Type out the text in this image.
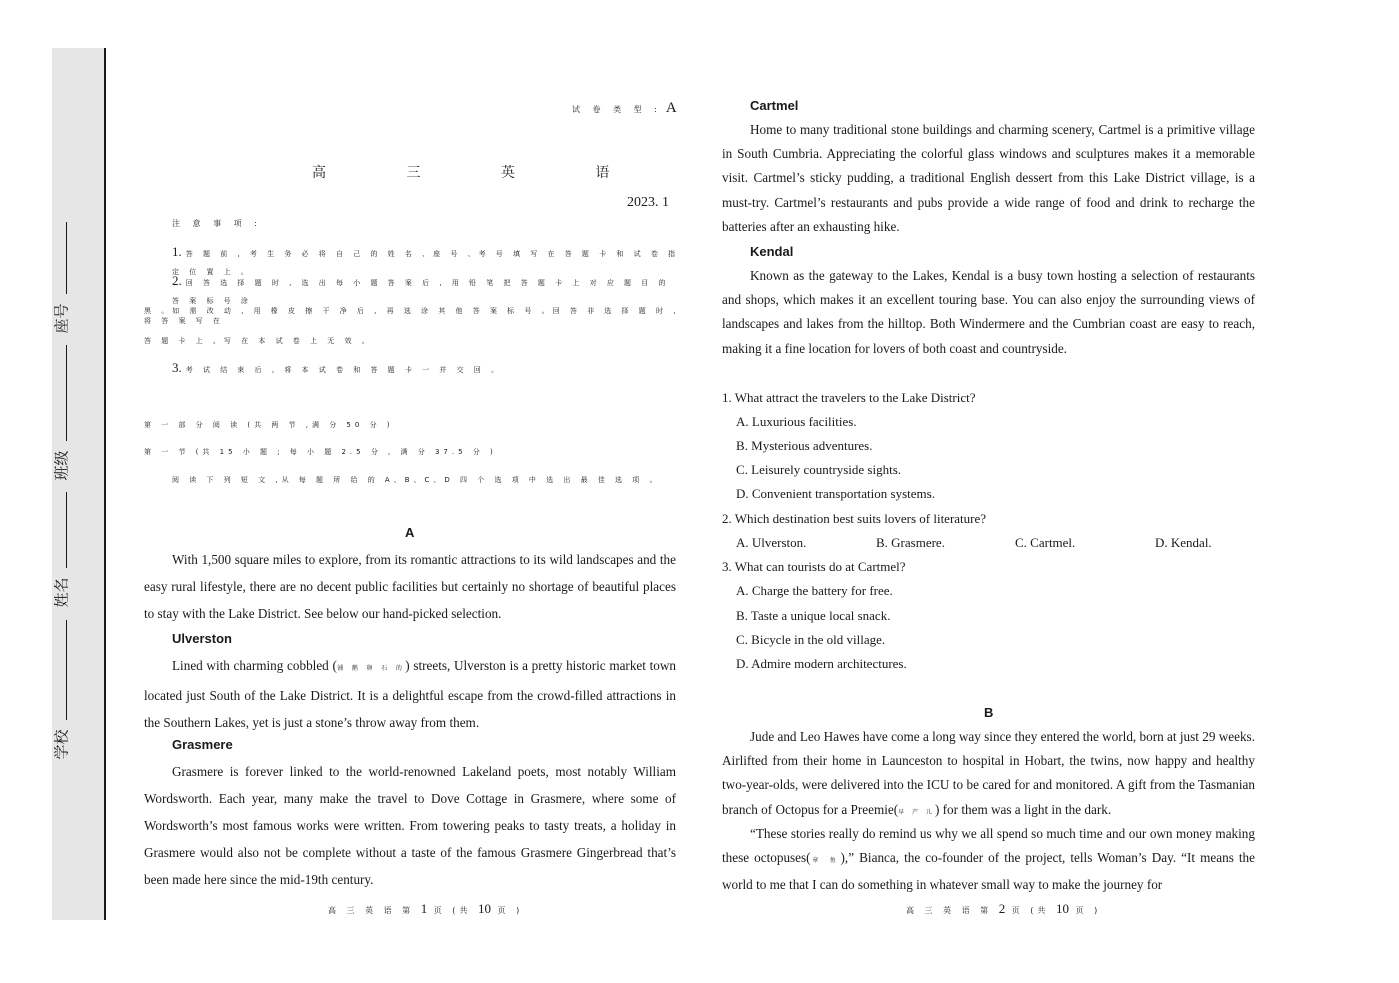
座号
班级
姓名
学校
试 卷 类 型 : A
高 三 英 语
2023. 1
注 意 事 项 :
1. 答 题 前 , 考 生 务 必 将 自 己 的 姓 名 、座 号 、考 号 填 写 在 答 题 卡 和 试 卷 指 定 位 置 上 。
2. 回 答 选 择 题 时 , 选 出 每 小 题 答 案 后 , 用 铅 笔 把 答 题 卡 上 对 应 题 目 的 答 案 标 号 涂
黑 。如 需 改 动 , 用 橡 皮 擦 干 净 后 , 再 选 涂 其 他 答 案 标 号 。回 答 非 选 择 题 时 , 将 答 案 写 在
答 题 卡 上 。写 在 本 试 卷 上 无 效 。
3. 考 试 结 束 后 , 将 本 试 卷 和 答 题 卡 一 并 交 回 。
第 一 部 分 阅 读 (共 两 节 ,满 分 50 分 )
第 一 节 (共 15 小 题 ; 每 小 题 2.5 分 , 满 分 37.5 分 )
阅 读 下 列 短 文 ,从 每 题 所 给 的 A、B、C、D 四 个 选 项 中 选 出 最 佳 选 项 。
A
With 1,500 square miles to explore, from its romantic attractions to its wild landscapes and the easy rural lifestyle, there are no decent public facilities but certainly no shortage of beautiful places to stay with the Lake District. See below our hand-picked selection.
Ulverston
Lined with charming cobbled (铺 鹅 卵 石 的) streets, Ulverston is a pretty historic market town located just South of the Lake District. It is a delightful escape from the crowd-filled attractions in the Southern Lakes, yet is just a stone’s throw away from them.
Grasmere
Grasmere is forever linked to the world-renowned Lakeland poets, most notably William Wordsworth. Each year, many make the travel to Dove Cottage in Grasmere, where some of Wordsworth’s most famous works were written. From towering peaks to tasty treats, a holiday in Grasmere would also not be complete without a taste of the famous Grasmere Gingerbread that’s been made here since the mid-19th century.
高 三 英 语 第 1 页 (共 10 页 )
Cartmel
Home to many traditional stone buildings and charming scenery, Cartmel is a primitive village in South Cumbria. Appreciating the colorful glass windows and sculptures makes it a memorable visit. Cartmel’s sticky pudding, a traditional English dessert from this Lake District village, is a must-try. Cartmel’s restaurants and pubs provide a wide range of food and drink to recharge the batteries after an exhausting hike.
Kendal
Known as the gateway to the Lakes, Kendal is a busy town hosting a selection of restaurants and shops, which makes it an excellent touring base. You can also enjoy the surrounding views of landscapes and lakes from the hilltop. Both Windermere and the Cumbrian coast are easy to reach, making it a fine location for lovers of both coast and countryside.
1. What attract the travelers to the Lake District?
A. Luxurious facilities.
B. Mysterious adventures.
C. Leisurely countryside sights.
D. Convenient transportation systems.
2. Which destination best suits lovers of literature?
A. Ulverston.	B. Grasmere.	C. Cartmel.	D. Kendal.
3. What can tourists do at Cartmel?
A. Charge the battery for free.
B. Taste a unique local snack.
C. Bicycle in the old village.
D. Admire modern architectures.
B
Jude and Leo Hawes have come a long way since they entered the world, born at just 29 weeks. Airlifted from their home in Launceston to hospital in Hobart, the twins, now happy and healthy two-year-olds, were delivered into the ICU to be cared for and monitored. A gift from the Tasmanian branch of Octopus for a Preemie(早 产 儿) for them was a light in the dark.
“These stories really do remind us why we all spend so much time and our own money making these octopuses(章 鱼),” Bianca, the co-founder of the project, tells Woman’s Day. “It means the world to me that I can do something in whatever small way to make the journey for
高 三 英 语 第 2 页 (共 10 页 )
